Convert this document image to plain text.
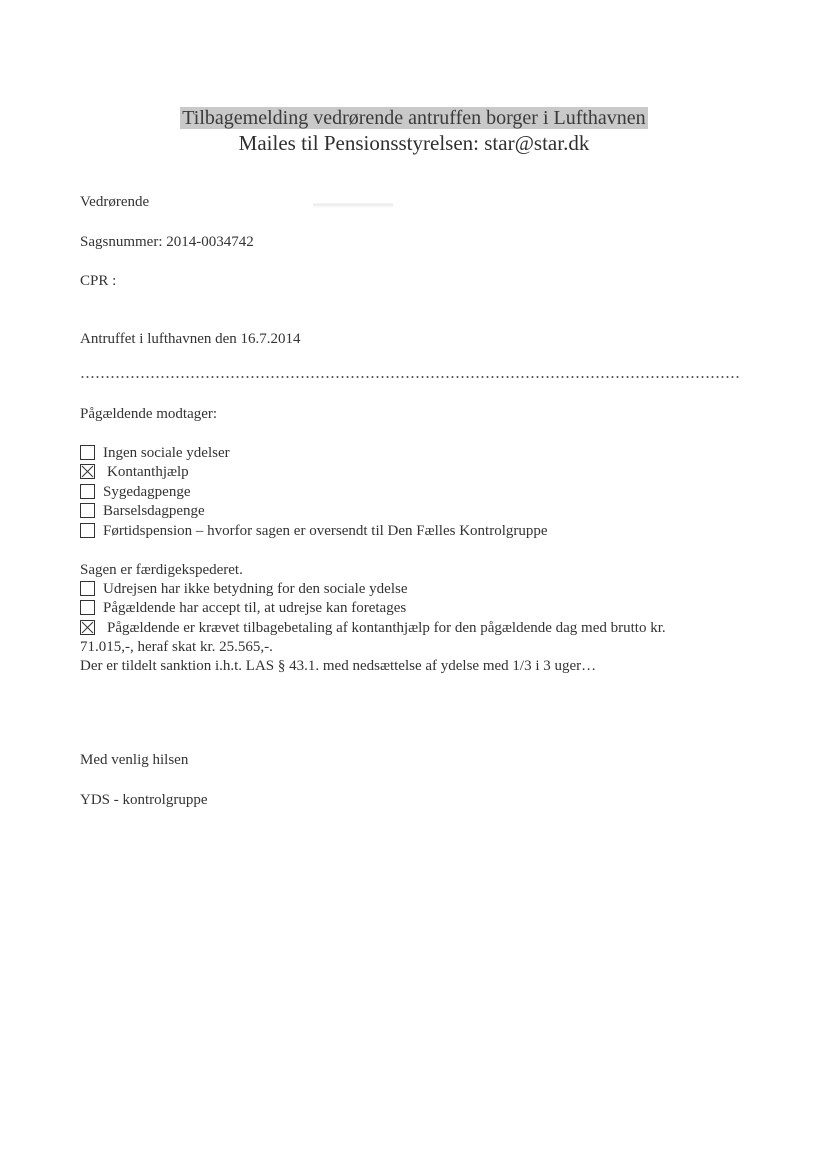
Tilbagemelding vedrørende antruffen borger i Lufthavnen
Mailes til Pensionsstyrelsen: star@star.dk
Vedrørende
Sagsnummer: 2014-0034742
CPR :
Antruffet i lufthavnen den 16.7.2014
Pågældende modtager:
Ingen sociale ydelser
Kontanthjælp
Sygedagpenge
Barselsdagpenge
Førtidspension – hvorfor sagen er oversendt til Den Fælles Kontrolgruppe
Sagen er færdigekspederet.
Udrejsen har ikke betydning for den sociale ydelse
Pågældende har accept til, at udrejse kan foretages
Pågældende er krævet tilbagebetaling af kontanthjælp for den pågældende dag med brutto kr.
71.015,-, heraf skat kr. 25.565,-.
Der er tildelt sanktion i.h.t. LAS § 43.1. med nedsættelse af ydelse med 1/3 i 3 uger…
Med venlig hilsen
YDS - kontrolgruppe
